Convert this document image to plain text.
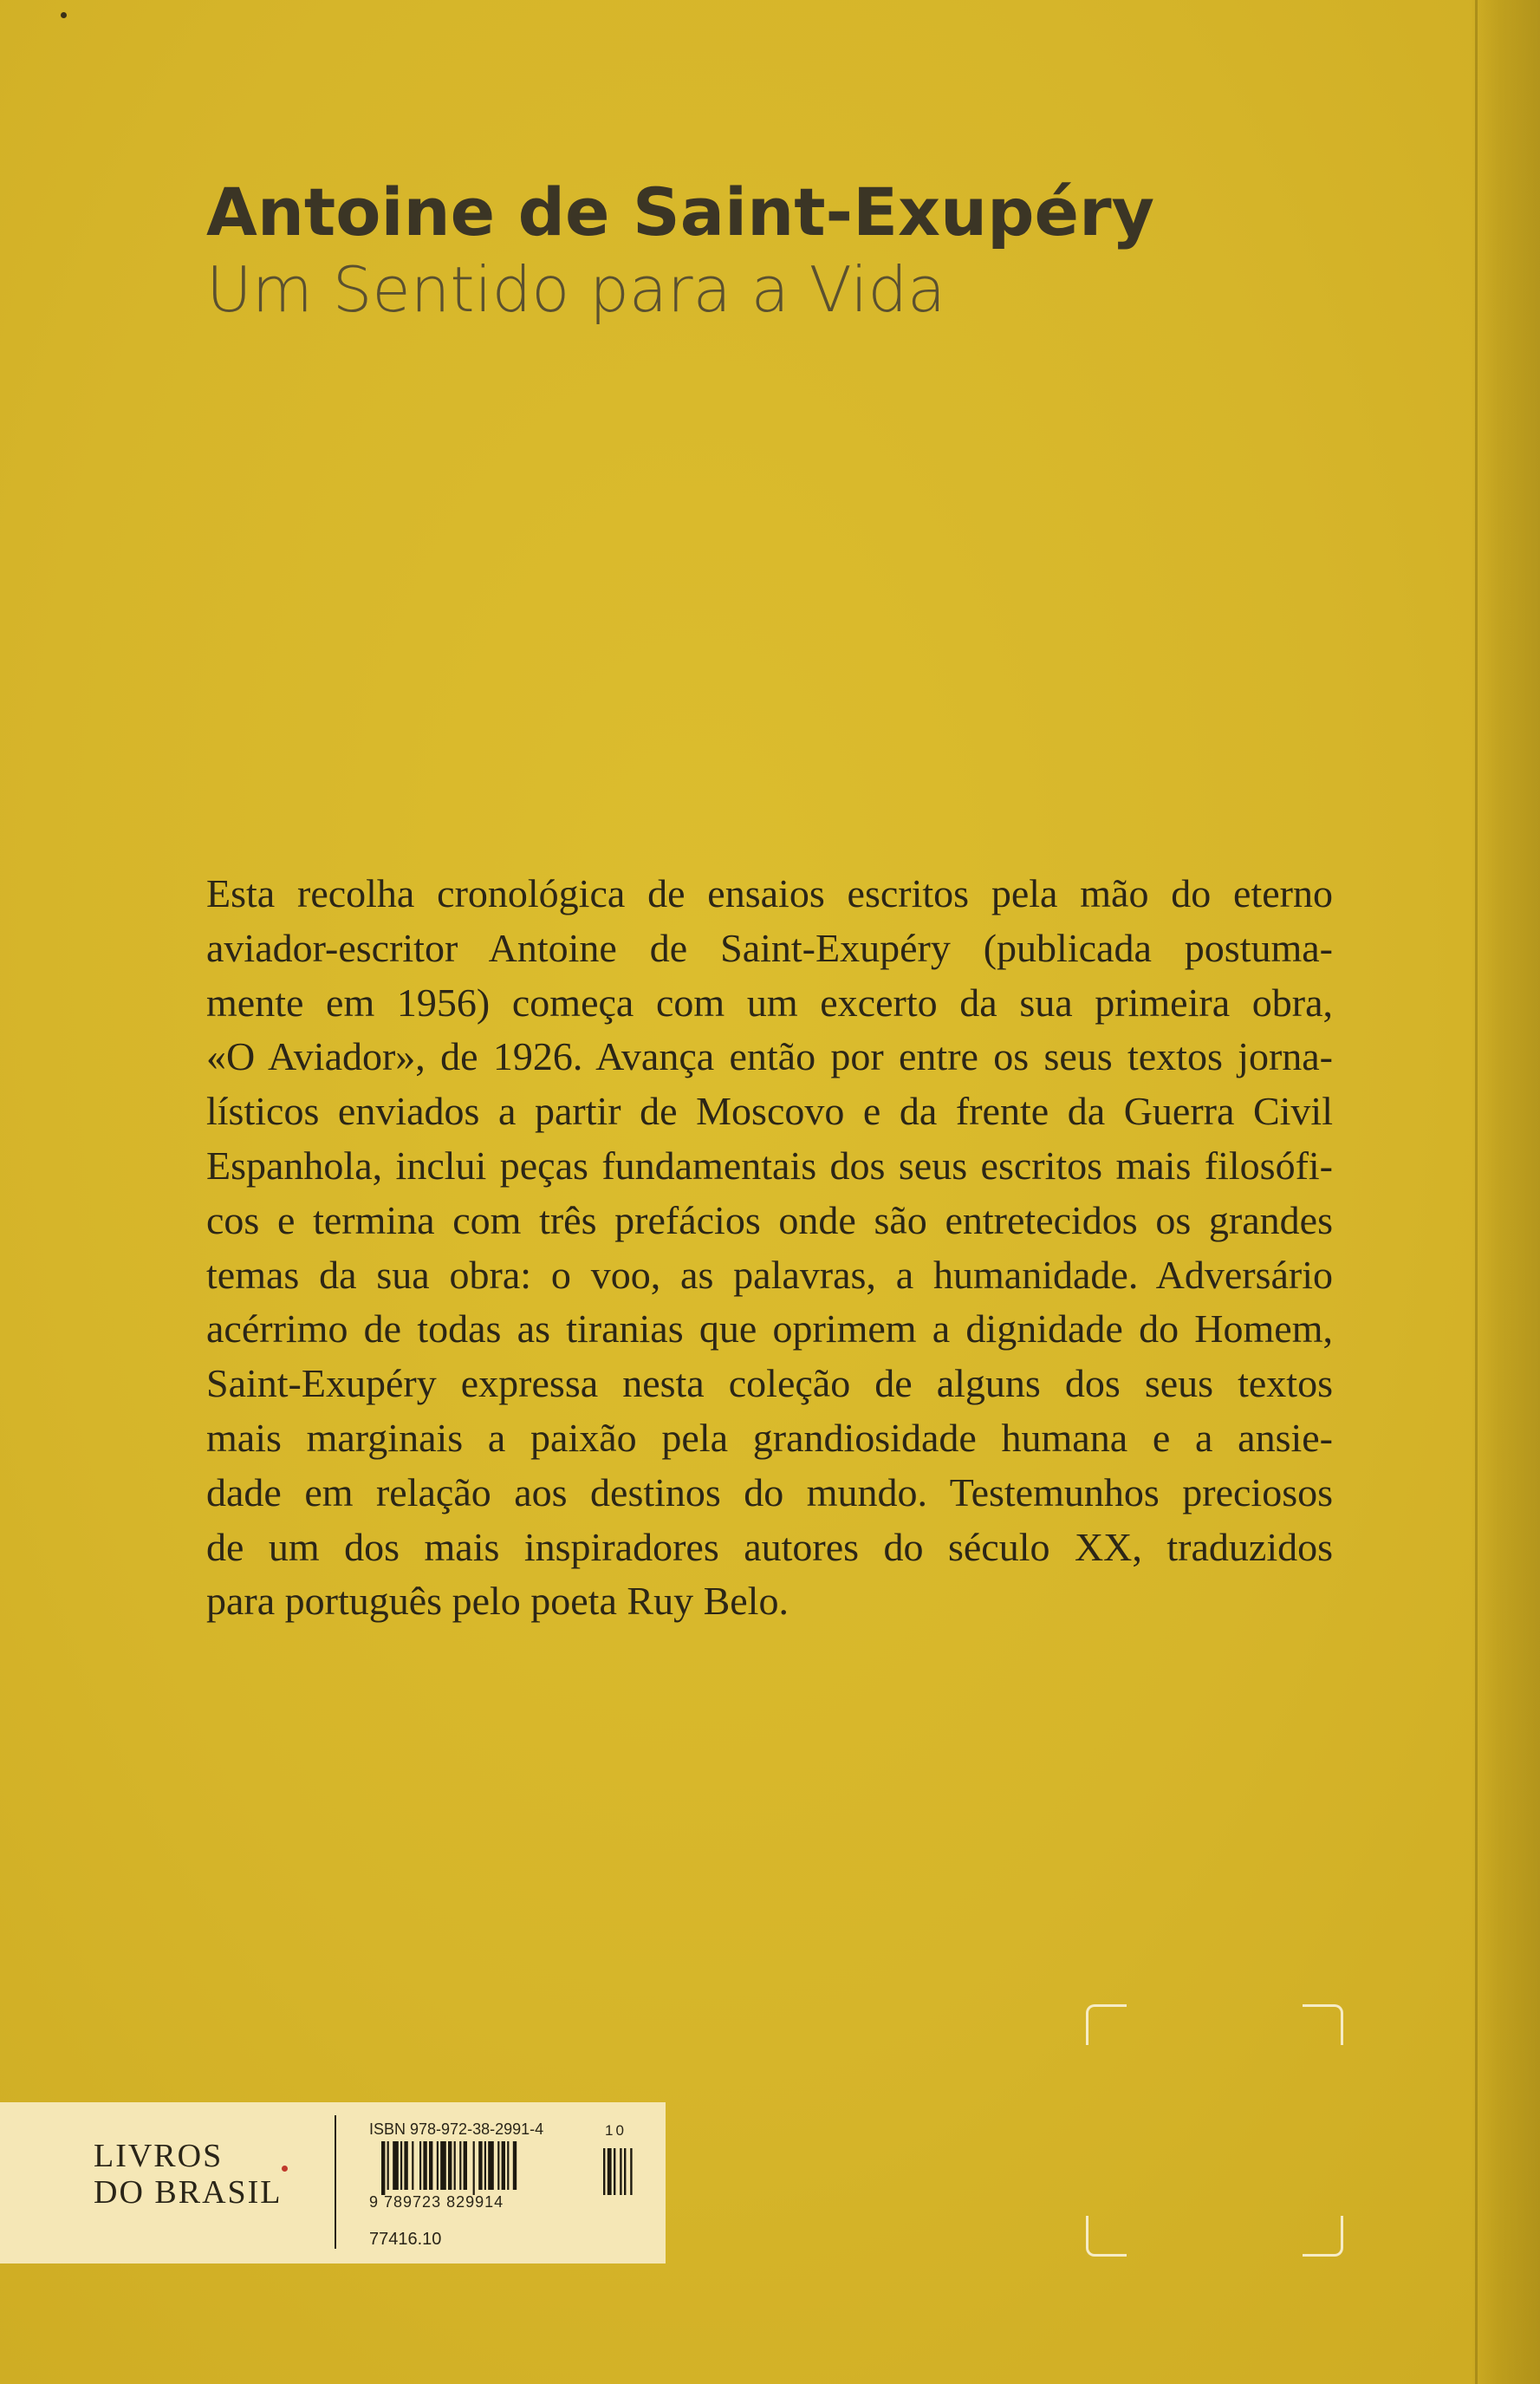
Antoine de Saint-Exupéry
Um Sentido para a Vida
Esta recolha cronológica de ensaios escritos pela mão do eterno
aviador-escritor Antoine de Saint-Exupéry (publicada postuma-
mente em 1956) começa com um excerto da sua primeira obra,
«O Aviador», de 1926. Avança então por entre os seus textos jorna-
lísticos enviados a partir de Moscovo e da frente da Guerra Civil
Espanhola, inclui peças fundamentais dos seus escritos mais filosófi-
cos e termina com três prefácios onde são entretecidos os grandes
temas da sua obra: o voo, as palavras, a humanidade. Adversário
acérrimo de todas as tiranias que oprimem a dignidade do Homem,
Saint-Exupéry expressa nesta coleção de alguns dos seus textos
mais marginais a paixão pela grandiosidade humana e a ansie-
dade em relação aos destinos do mundo. Testemunhos preciosos
de um dos mais inspiradores autores do século XX, traduzidos
para português pelo poeta Ruy Belo.
LIVROS
DO BRASIL
ISBN 978-972-38-2991-4	10
9 789723 829914
77416.10
